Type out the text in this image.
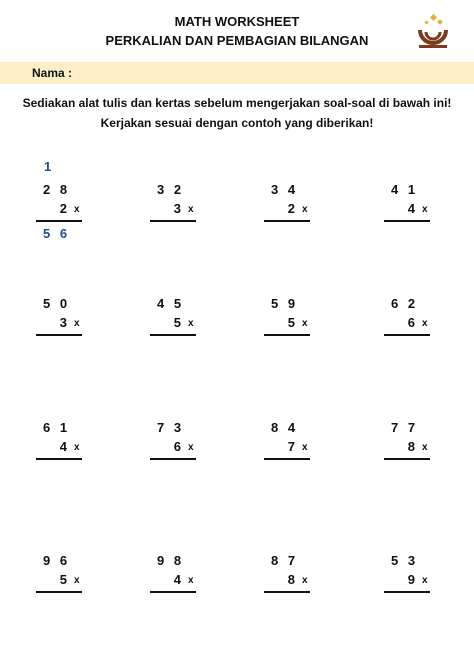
MATH WORKSHEET
PERKALIAN DAN PEMBAGIAN BILANGAN
Nama :
Sediakan alat tulis dan kertas sebelum mengerjakan soal-soal di bawah ini!
Kerjakan sesuai dengan contoh yang diberikan!
1
2 8
2 x
5 6
3 2
3 x
3 4
2 x
4 1
4 x
5 0
3 x
4 5
5 x
5 9
5 x
6 2
6 x
6 1
4 x
7 3
6 x
8 4
7 x
7 7
8 x
9 6
5 x
9 8
4 x
8 7
8 x
5 3
9 x
